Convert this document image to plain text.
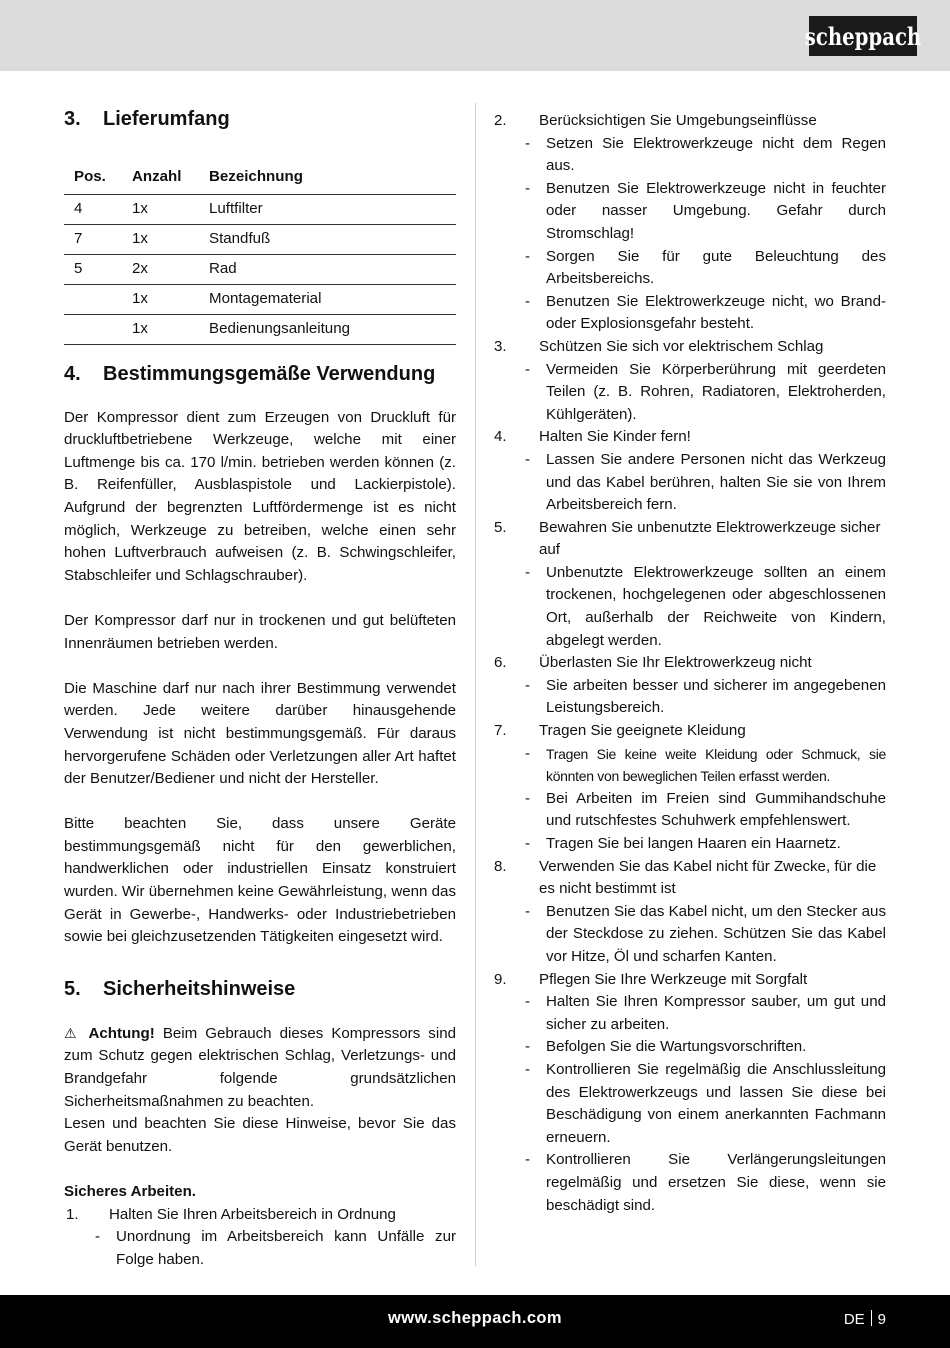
scheppach
3.	Lieferumfang
Pos.	Anzahl	Bezeichnung
4	1x	Luftfilter
7	1x	Standfuß
5	2x	Rad
	1x	Montagematerial
	1x	Bedienungsanleitung
4.	Bestimmungsgemäße Verwendung

Der Kompressor dient zum Erzeugen von Druckluft für druckluftbetriebene Werkzeuge, welche mit einer Luftmenge bis ca. 170 l/min. betrieben werden können (z. B. Reifenfüller, Ausblaspistole und Lackierpistole). Aufgrund der begrenzten Luftfördermenge ist es nicht möglich, Werkzeuge zu betreiben, welche einen sehr hohen Luftverbrauch aufweisen (z. B. Schwingschleifer, Stabschleifer und Schlagschrauber).

Der Kompressor darf nur in trockenen und gut belüfteten Innenräumen betrieben werden.

Die Maschine darf nur nach ihrer Bestimmung verwendet werden. Jede weitere darüber hinausgehende Verwendung ist nicht bestimmungsgemäß. Für daraus hervorgerufene Schäden oder Verletzungen aller Art haftet der Benutzer/Bediener und nicht der Hersteller.

Bitte beachten Sie, dass unsere Geräte bestimmungsgemäß nicht für den gewerblichen, handwerklichen oder industriellen Einsatz konstruiert wurden. Wir übernehmen keine Gewährleistung, wenn das Gerät in Gewerbe-, Handwerks- oder Industriebetrieben sowie bei gleichzusetzenden Tätigkeiten eingesetzt wird.

5.	Sicherheitshinweise

⚠ Achtung! Beim Gebrauch dieses Kompressors sind zum Schutz gegen elektrischen Schlag, Verletzungs- und Brandgefahr folgende grundsätzlichen Sicherheitsmaßnahmen zu beachten.

Lesen und beachten Sie diese Hinweise, bevor Sie das Gerät benutzen.

Sicheres Arbeiten.

1.	Halten Sie Ihren Arbeitsbereich in Ordnung
-	Unordnung im Arbeitsbereich kann Unfälle zur Folge haben.
2.	Berücksichtigen Sie Umgebungseinflüsse
-	Setzen Sie Elektrowerkzeuge nicht dem Regen aus.
-	Benutzen Sie Elektrowerkzeuge nicht in feuchter oder nasser Umgebung. Gefahr durch Stromschlag!
-	Sorgen Sie für gute Beleuchtung des Arbeitsbereichs.
-	Benutzen Sie Elektrowerkzeuge nicht, wo Brand- oder Explosionsgefahr besteht.
3.	Schützen Sie sich vor elektrischem Schlag
-	Vermeiden Sie Körperberührung mit geerdeten Teilen (z. B. Rohren, Radiatoren, Elektroherden, Kühlgeräten).
4.	Halten Sie Kinder fern!
-	Lassen Sie andere Personen nicht das Werkzeug und das Kabel berühren, halten Sie sie von Ihrem Arbeitsbereich fern.
5.	Bewahren Sie unbenutzte Elektrowerkzeuge sicher auf
-	Unbenutzte Elektrowerkzeuge sollten an einem trockenen, hochgelegenen oder abgeschlossenen Ort, außerhalb der Reichweite von Kindern, abgelegt werden.
6.	Überlasten Sie Ihr Elektrowerkzeug nicht
-	Sie arbeiten besser und sicherer im angegebenen Leistungsbereich.
7.	Tragen Sie geeignete Kleidung
-	Tragen Sie keine weite Kleidung oder Schmuck, sie könnten von beweglichen Teilen erfasst werden.
-	Bei Arbeiten im Freien sind Gummihandschuhe und rutschfestes Schuhwerk empfehlenswert.
-	Tragen Sie bei langen Haaren ein Haarnetz.
8.	Verwenden Sie das Kabel nicht für Zwecke, für die es nicht bestimmt ist
-	Benutzen Sie das Kabel nicht, um den Stecker aus der Steckdose zu ziehen. Schützen Sie das Kabel vor Hitze, Öl und scharfen Kanten.
9.	Pflegen Sie Ihre Werkzeuge mit Sorgfalt
-	Halten Sie Ihren Kompressor sauber, um gut und sicher zu arbeiten.
-	Befolgen Sie die Wartungsvorschriften.
-	Kontrollieren Sie regelmäßig die Anschlussleitung des Elektrowerkzeugs und lassen Sie diese bei Beschädigung von einem anerkannten Fachmann erneuern.
-	Kontrollieren Sie Verlängerungsleitungen regelmäßig und ersetzen Sie diese, wenn sie beschädigt sind.
www.scheppach.com	DE 9
